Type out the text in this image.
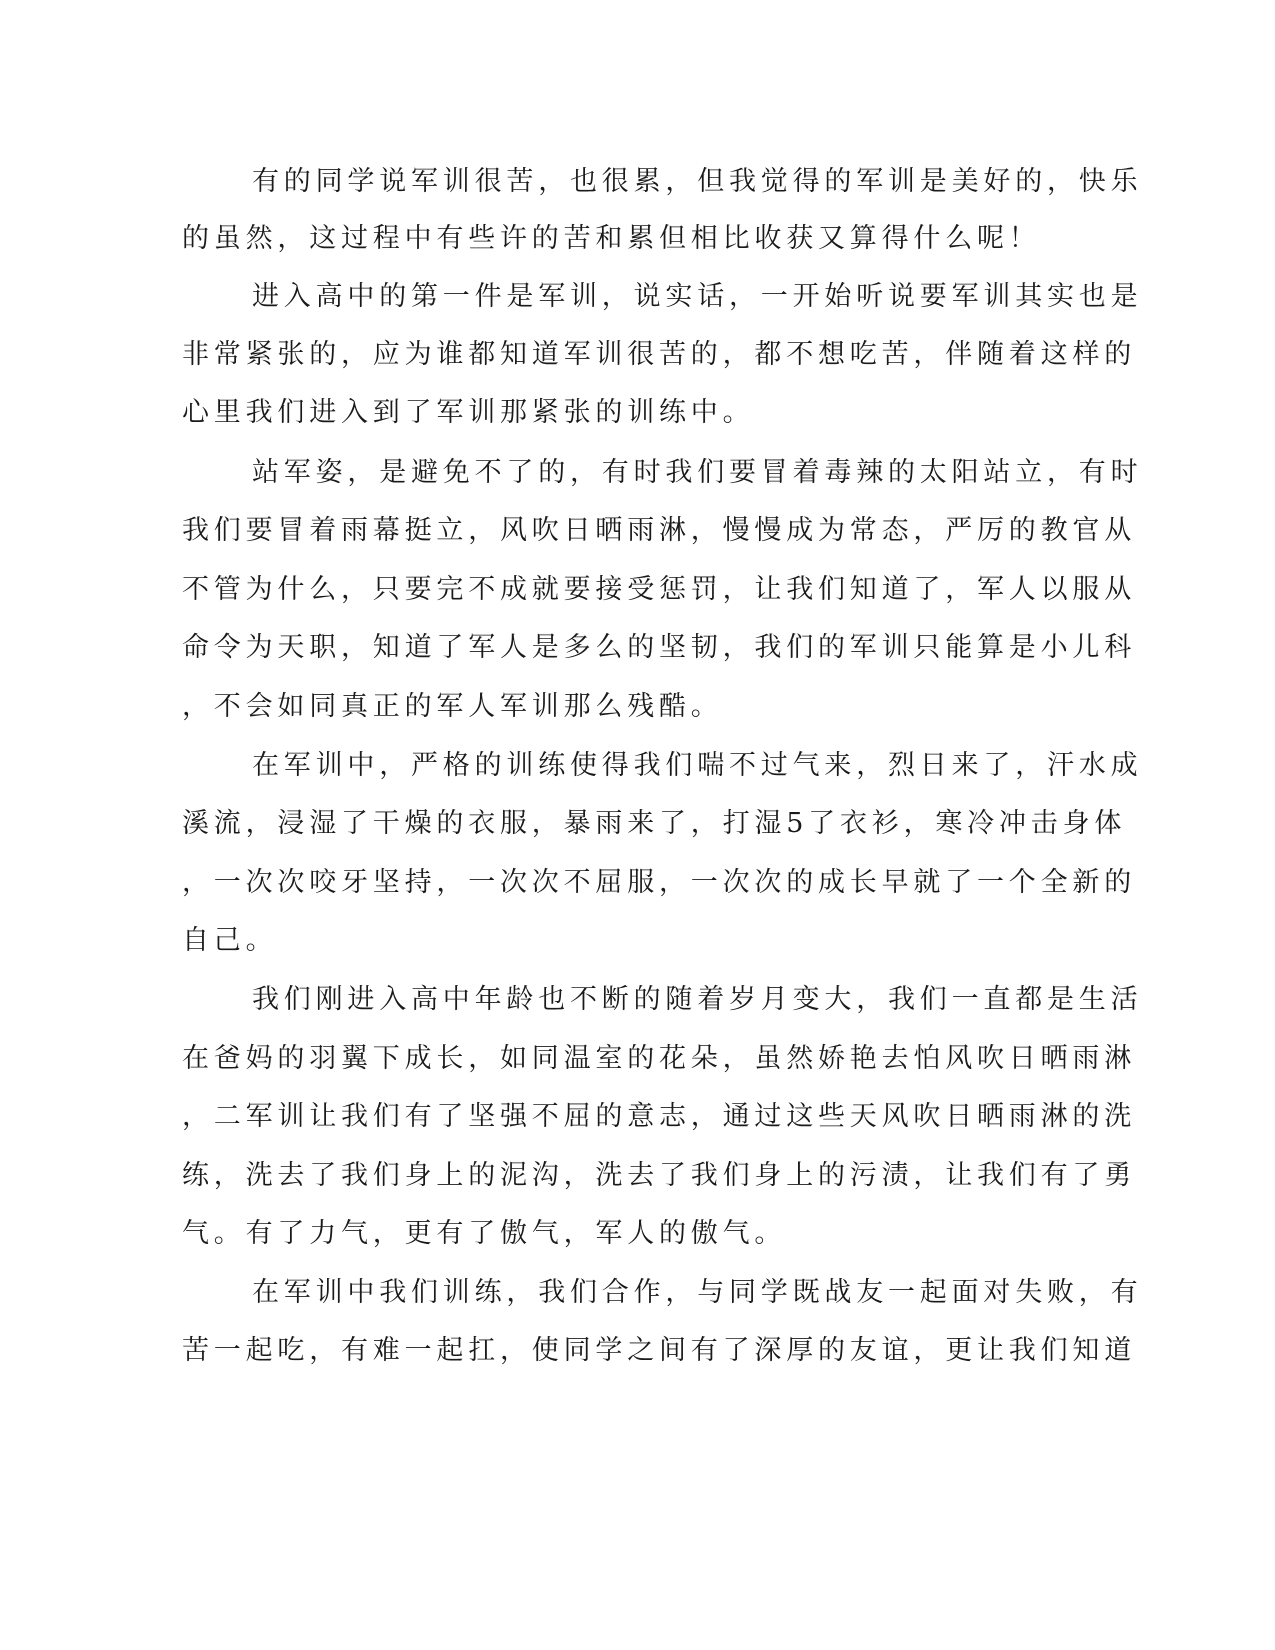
有的同学说军训很苦，也很累，但我觉得的军训是美好的，快乐
的虽然，这过程中有些许的苦和累但相比收获又算得什么呢！
进入高中的第一件是军训，说实话，一开始听说要军训其实也是
非常紧张的，应为谁都知道军训很苦的，都不想吃苦，伴随着这样的
心里我们进入到了军训那紧张的训练中。
站军姿，是避免不了的，有时我们要冒着毒辣的太阳站立，有时
我们要冒着雨幕挺立，风吹日晒雨淋，慢慢成为常态，严厉的教官从
不管为什么，只要完不成就要接受惩罚，让我们知道了，军人以服从
命令为天职，知道了军人是多么的坚韧，我们的军训只能算是小儿科
，不会如同真正的军人军训那么残酷。
在军训中，严格的训练使得我们喘不过气来，烈日来了，汗水成
溪流，浸湿了干燥的衣服，暴雨来了，打湿5了衣衫，寒冷冲击身体
，一次次咬牙坚持，一次次不屈服，一次次的成长早就了一个全新的
自己。
我们刚进入高中年龄也不断的随着岁月变大，我们一直都是生活
在爸妈的羽翼下成长，如同温室的花朵，虽然娇艳去怕风吹日晒雨淋
，二军训让我们有了坚强不屈的意志，通过这些天风吹日晒雨淋的洗
练，洗去了我们身上的泥沟，洗去了我们身上的污渍，让我们有了勇
气。有了力气，更有了傲气，军人的傲气。
在军训中我们训练，我们合作，与同学既战友一起面对失败，有
苦一起吃，有难一起扛，使同学之间有了深厚的友谊，更让我们知道
